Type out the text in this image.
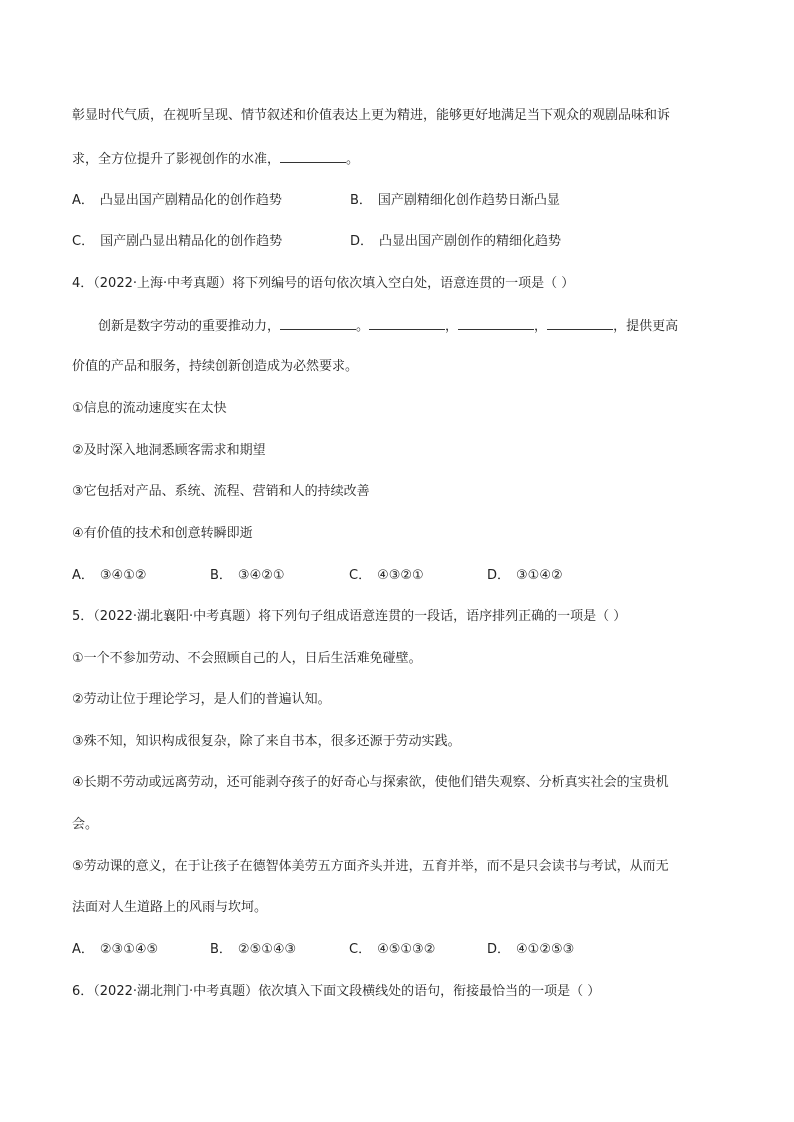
彰显时代气质，在视听呈现、情节叙述和价值表达上更为精进，能够更好地满足当下观众的观剧品味和诉
求，全方位提升了影视创作的水准，	。
A． 凸显出国产剧精品化的创作趋势	B． 国产剧精细化创作趋势日渐凸显
C． 国产剧凸显出精品化的创作趋势	D． 凸显出国产剧创作的精细化趋势
4．（2022·上海·中考真题）将下列编号的语句依次填入空白处，语意连贯的一项是（ ）
创新是数字劳动的重要推动力，	。	，	，	，提供更高
价值的产品和服务，持续创新创造成为必然要求。
①信息的流动速度实在太快
②及时深入地洞悉顾客需求和期望
③它包括对产品、系统、流程、营销和人的持续改善
④有价值的技术和创意转瞬即逝
A． ③④①②	B． ③④②①	C． ④③②①	D． ③①④②
5．（2022·湖北襄阳·中考真题）将下列句子组成语意连贯的一段话，语序排列正确的一项是（ ）
①一个不参加劳动、不会照顾自己的人，日后生活难免碰壁。
②劳动让位于理论学习，是人们的普遍认知。
③殊不知，知识构成很复杂，除了来自书本，很多还源于劳动实践。
④长期不劳动或远离劳动，还可能剥夺孩子的好奇心与探索欲，使他们错失观察、分析真实社会的宝贵机
会。
⑤劳动课的意义，在于让孩子在德智体美劳五方面齐头并进，五育并举，而不是只会读书与考试，从而无
法面对人生道路上的风雨与坎坷。
A． ②③①④⑤	B． ②⑤①④③	C． ④⑤①③②	D． ④①②⑤③
6．（2022·湖北荆门·中考真题）依次填入下面文段横线处的语句，衔接最恰当的一项是（ ）
